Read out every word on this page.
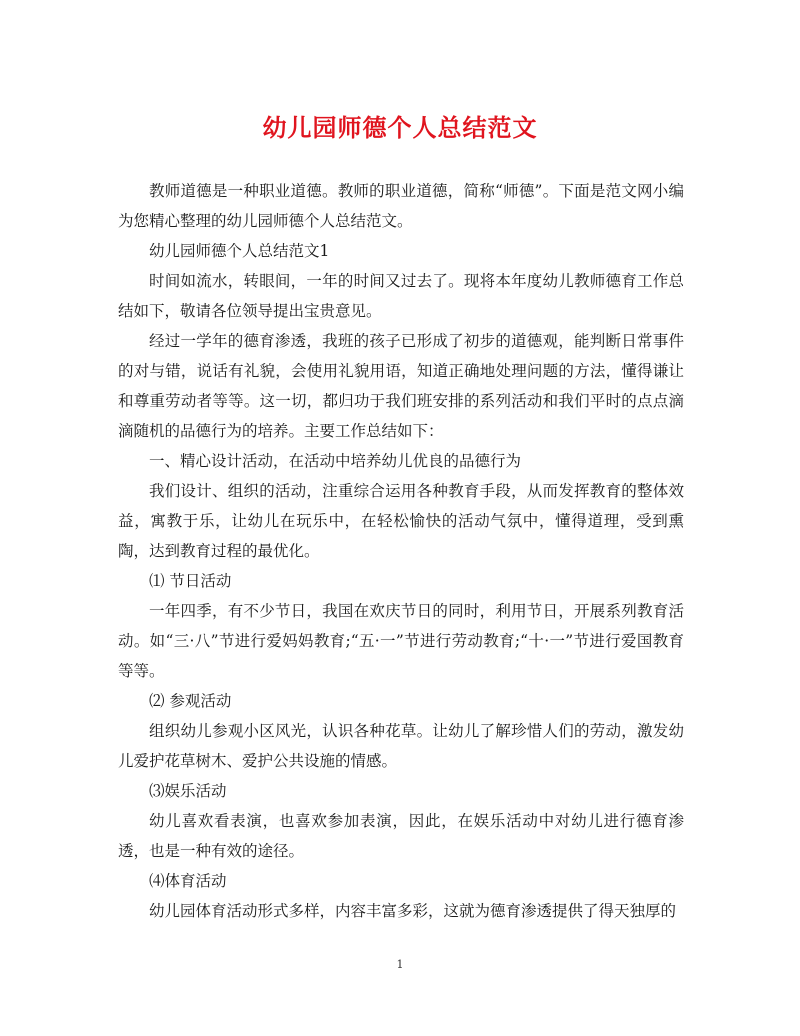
幼儿园师德个人总结范文

教师道德是一种职业道德。教师的职业道德，简称“师德”。下面是范文网小编为您精心整理的幼儿园师德个人总结范文。

幼儿园师德个人总结范文1

时间如流水，转眼间，一年的时间又过去了。现将本年度幼儿教师德育工作总结如下，敬请各位领导提出宝贵意见。

经过一学年的德育渗透，我班的孩子已形成了初步的道德观，能判断日常事件的对与错，说话有礼貌，会使用礼貌用语，知道正确地处理问题的方法，懂得谦让和尊重劳动者等等。这一切，都归功于我们班安排的系列活动和我们平时的点点滴滴随机的品德行为的培养。主要工作总结如下：

一、精心设计活动，在活动中培养幼儿优良的品德行为

我们设计、组织的活动，注重综合运用各种教育手段，从而发挥教育的整体效益，寓教于乐，让幼儿在玩乐中，在轻松愉快的活动气氛中，懂得道理，受到熏陶，达到教育过程的最优化。

⑴ 节日活动

一年四季，有不少节日，我国在欢庆节日的同时，利用节日，开展系列教育活动。如“三·八”节进行爱妈妈教育;“五·一”节进行劳动教育;“十·一”节进行爱国教育等等。

⑵ 参观活动

组织幼儿参观小区风光，认识各种花草。让幼儿了解珍惜人们的劳动，激发幼儿爱护花草树木、爱护公共设施的情感。

⑶娱乐活动

幼儿喜欢看表演，也喜欢参加表演，因此，在娱乐活动中对幼儿进行德育渗透，也是一种有效的途径。

⑷体育活动

幼儿园体育活动形式多样，内容丰富多彩，这就为德育渗透提供了得天独厚的

1
